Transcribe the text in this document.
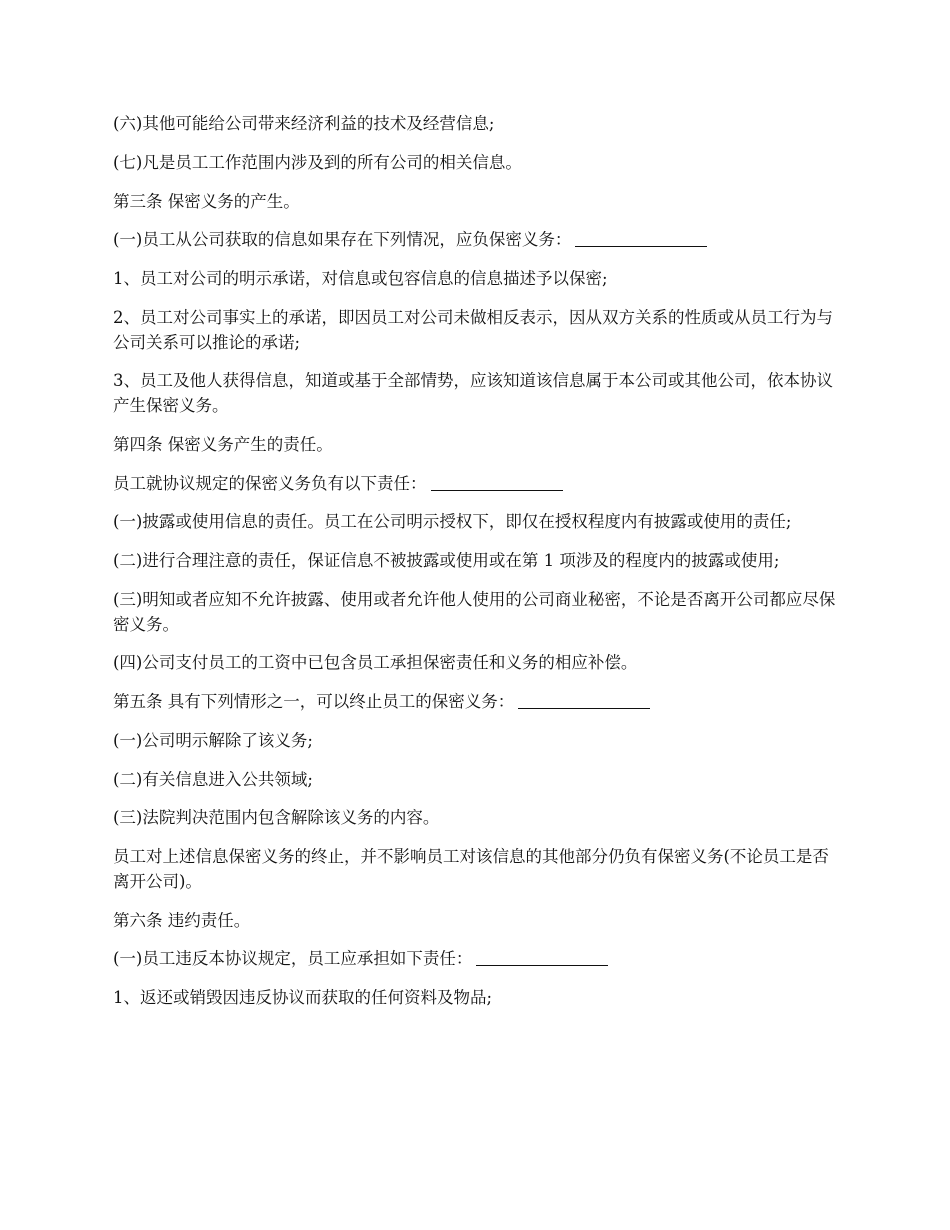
(六)其他可能给公司带来经济利益的技术及经营信息;

(七)凡是员工工作范围内涉及到的所有公司的相关信息。

第三条 保密义务的产生。

(一)员工从公司获取的信息如果存在下列情况，应负保密义务：

1、员工对公司的明示承诺，对信息或包容信息的信息描述予以保密;

2、员工对公司事实上的承诺，即因员工对公司未做相反表示，因从双方关系的性质或从员工行为与公司关系可以推论的承诺;

3、员工及他人获得信息，知道或基于全部情势，应该知道该信息属于本公司或其他公司，依本协议产生保密义务。

第四条 保密义务产生的责任。

员工就协议规定的保密义务负有以下责任：

(一)披露或使用信息的责任。员工在公司明示授权下，即仅在授权程度内有披露或使用的责任;

(二)进行合理注意的责任，保证信息不被披露或使用或在第 1 项涉及的程度内的披露或使用;

(三)明知或者应知不允许披露、使用或者允许他人使用的公司商业秘密，不论是否离开公司都应尽保密义务。

(四)公司支付员工的工资中已包含员工承担保密责任和义务的相应补偿。

第五条 具有下列情形之一，可以终止员工的保密义务：

(一)公司明示解除了该义务;

(二)有关信息进入公共领域;

(三)法院判决范围内包含解除该义务的内容。

员工对上述信息保密义务的终止，并不影响员工对该信息的其他部分仍负有保密义务(不论员工是否离开公司)。

第六条 违约责任。

(一)员工违反本协议规定，员工应承担如下责任：

1、返还或销毁因违反协议而获取的任何资料及物品;
